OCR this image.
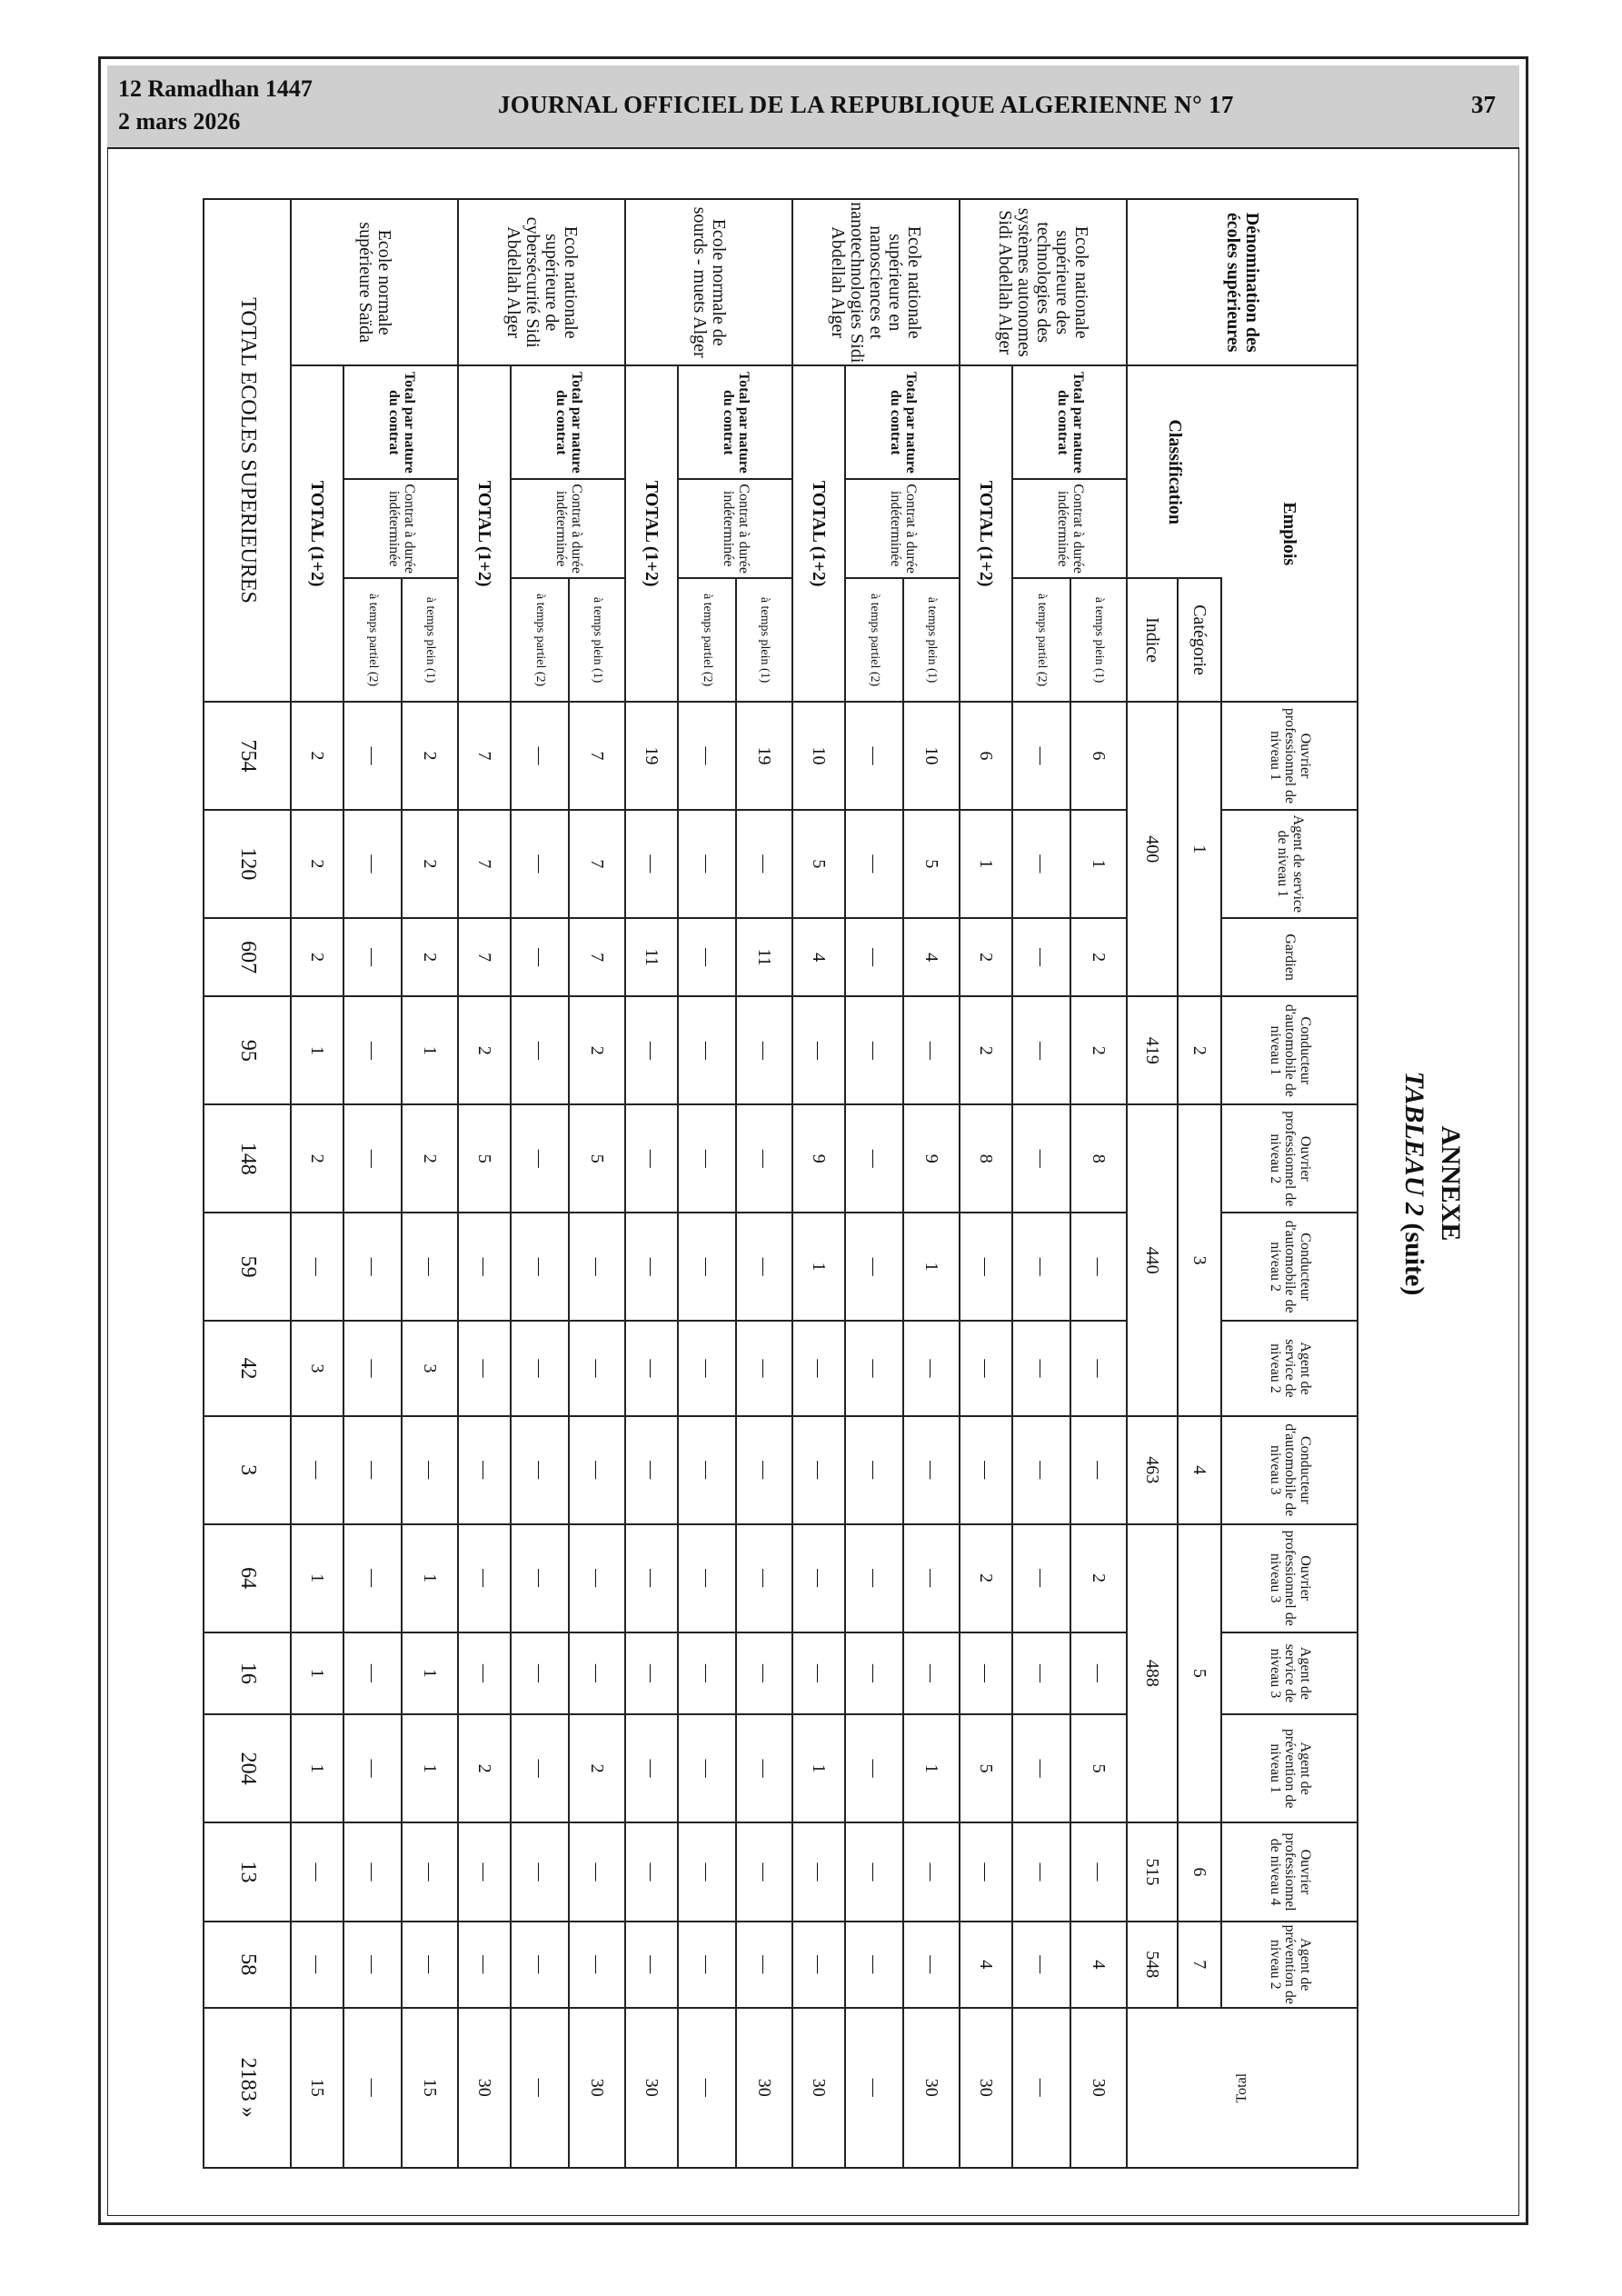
12 Ramadhan 1447
2 mars 2026
JOURNAL OFFICIEL DE LA REPUBLIQUE ALGERIENNE N° 17	37
ANNEXE
TABLEAU 2 (suite)
Dénomination des écoles supérieures	Emplois			Ouvrier professionnel de niveau 1	Agent de service de niveau 1	Gardien	Conducteur d'automobile de niveau 1	Ouvrier professionnel de niveau 2	Conducteur d'automobile de niveau 2	Agent de service de niveau 2	Conducteur d'automobile de niveau 3	Ouvrier professionnel de niveau 3	Agent de service de niveau 3	Agent de prévention de niveau 1	Ouvrier professionnel de niveau 4	Agent de prévention de niveau 2	Total
	Classification		Catégorie	1			2	3			4	5			6	7	
			Indice	400			419	440			463	488			515	548	
Ecole nationale supérieure des technologies des systèmes autonomes Sidi Abdellah Alger	Total par nature du contrat	Contrat à durée indéterminée	à temps plein (1)	6	1	2	2	8	—	—	—	2	—	5	—	4	30
			à temps partiel (2)	—	—	—	—	—	—	—	—	—	—	—	—	—	—
	TOTAL (1+2)			6	1	2	2	8	—	—	—	2	—	5	—	4	30
Ecole nationale supérieure en nanosciences et nanotechnologies Sidi Abdellah Alger	Total par nature du contrat	Contrat à durée indéterminée	à temps plein (1)	10	5	4	—	9	1	—	—	—	—	1	—	—	30
			à temps partiel (2)	—	—	—	—	—	—	—	—	—	—	—	—	—	—
	TOTAL (1+2)			10	5	4	—	9	1	—	—	—	—	1	—	—	30
Ecole normale de sourds - muets Alger	Total par nature du contrat	Contrat à durée indéterminée	à temps plein (1)	19	—	11	—	—	—	—	—	—	—	—	—	—	30
			à temps partiel (2)	—	—	—	—	—	—	—	—	—	—	—	—	—	—
	TOTAL (1+2)			19	—	11	—	—	—	—	—	—	—	—	—	—	30
Ecole nationale supérieure de cybersécurité Sidi Abdellah Alger	Total par nature du contrat	Contrat à durée indéterminée	à temps plein (1)	7	7	7	2	5	—	—	—	—	—	2	—	—	30
			à temps partiel (2)	—	—	—	—	—	—	—	—	—	—	—	—	—	—
	TOTAL (1+2)			7	7	7	2	5	—	—	—	—	—	2	—	—	30
Ecole normale supérieure Saïda	Total par nature du contrat	Contrat à durée indéterminée	à temps plein (1)	2	2	2	1	2	—	3	—	1	1	1	—	—	15
			à temps partiel (2)	—	—	—	—	—	—	—	—	—	—	—	—	—	—
	TOTAL (1+2)			2	2	2	1	2	—	3	—	1	1	1	—	—	15
TOTAL ECOLES SUPERIEURES				754	120	607	95	148	59	42	3	64	16	204	13	58	2183 »
